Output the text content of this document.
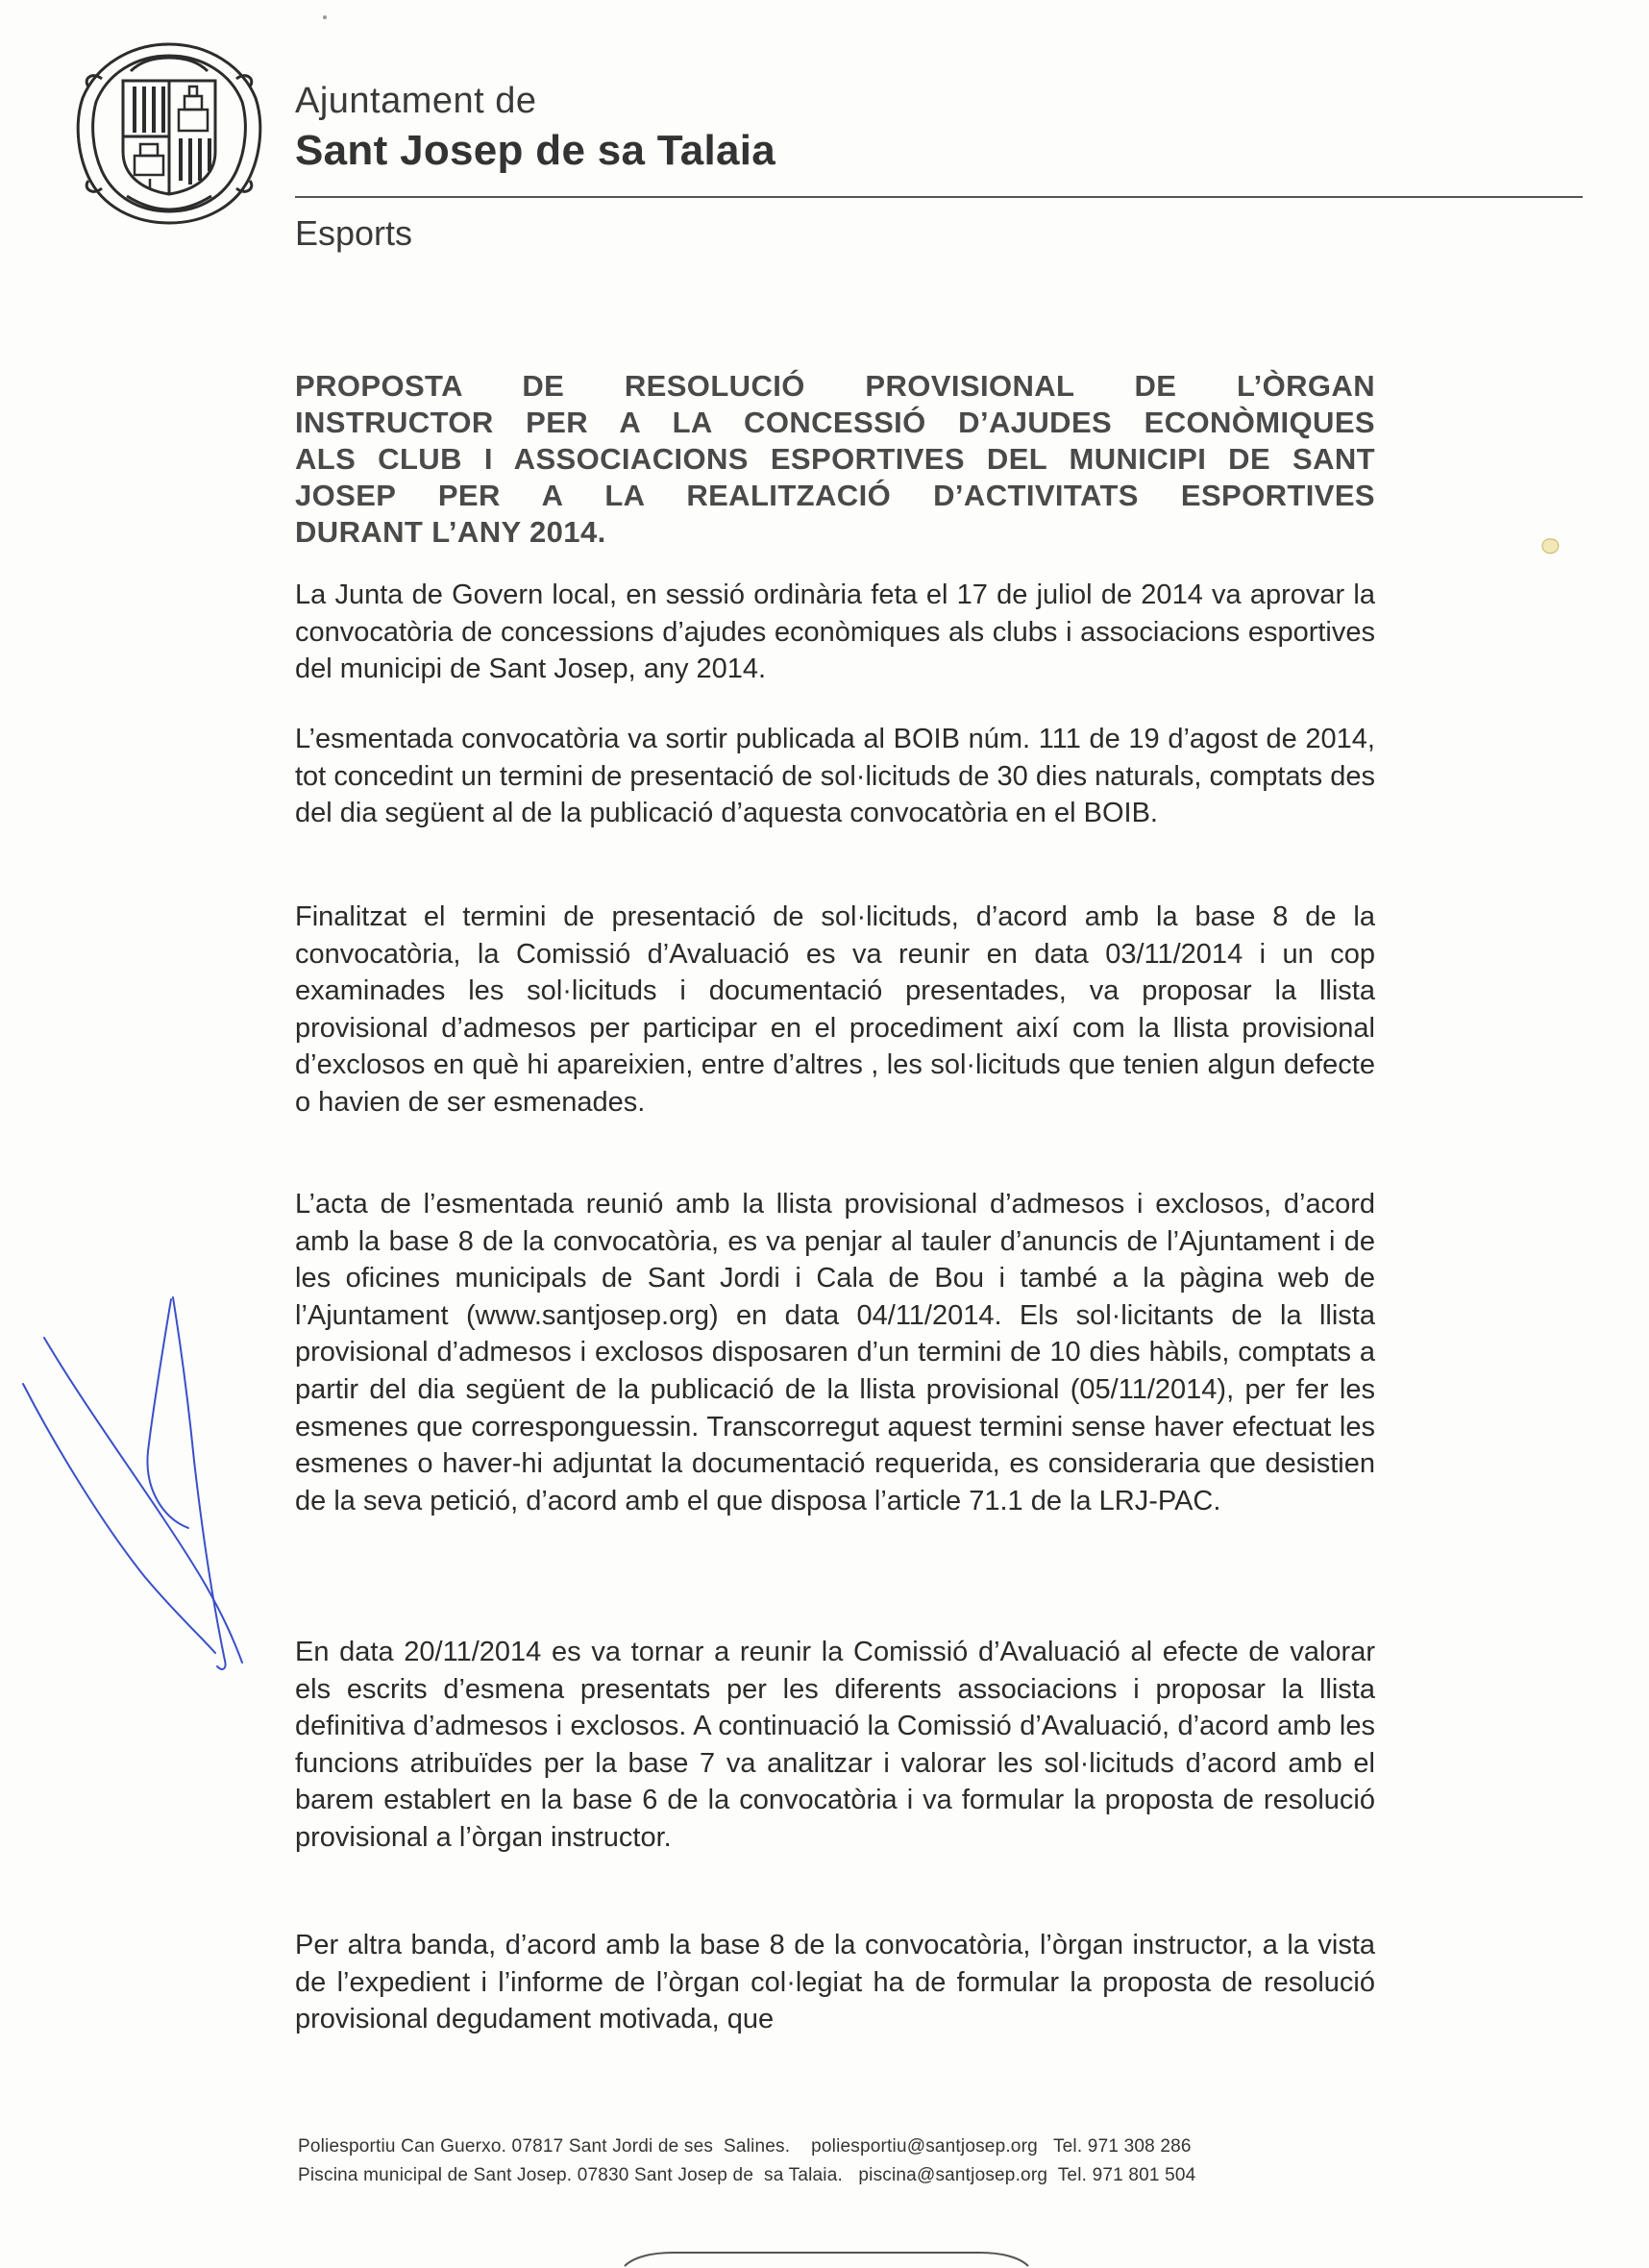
Ajuntament de
Sant Josep de sa Talaia
Esports
PROPOSTA DE RESOLUCIÓ PROVISIONAL DE L’ÒRGAN
INSTRUCTOR PER A LA CONCESSIÓ D’AJUDES ECONÒMIQUES
ALS CLUB I ASSOCIACIONS ESPORTIVES DEL MUNICIPI DE SANT
JOSEP PER A LA REALITZACIÓ D’ACTIVITATS ESPORTIVES
DURANT L’ANY 2014.

La Junta de Govern local, en sessió ordinària feta el 17 de juliol de 2014 va aprovar la convocatòria de concessions d’ajudes econòmiques als clubs i associacions esportives del municipi de Sant Josep, any 2014.

L’esmentada convocatòria va sortir publicada al BOIB núm. 111 de 19 d’agost de 2014, tot concedint un termini de presentació de sol·licituds de 30 dies naturals, comptats des del dia següent al de la publicació d’aquesta convocatòria en el BOIB.

Finalitzat el termini de presentació de sol·licituds, d’acord amb la base 8 de la convocatòria, la Comissió d’Avaluació es va reunir en data 03/11/2014 i un cop examinades les sol·licituds i documentació presentades, va proposar la llista provisional d’admesos per participar en el procediment així com la llista provisional d’exclosos en què hi apareixien, entre d’altres , les sol·licituds que tenien algun defecte o havien de ser esmenades.

L’acta de l’esmentada reunió amb la llista provisional d’admesos i exclosos, d’acord amb la base 8 de la convocatòria, es va penjar al tauler d’anuncis de l’Ajuntament i de les oficines municipals de Sant Jordi i Cala de Bou i també a la pàgina web de l’Ajuntament (www.santjosep.org) en data 04/11/2014. Els sol·licitants de la llista provisional d’admesos i exclosos disposaren d’un termini de 10 dies hàbils, comptats a partir del dia següent de la publicació de la llista provisional (05/11/2014), per fer les esmenes que corresponguessin. Transcorregut aquest termini sense haver efectuat les esmenes o haver-hi adjuntat la documentació requerida, es consideraria que desistien de la seva petició, d’acord amb el que disposa l’article 71.1 de la LRJ-PAC.

En data 20/11/2014 es va tornar a reunir la Comissió d’Avaluació al efecte de valorar els escrits d’esmena presentats per les diferents associacions i proposar la llista definitiva d’admesos i exclosos. A continuació la Comissió d’Avaluació, d’acord amb les funcions atribuïdes per la base 7 va analitzar i valorar les sol·licituds d’acord amb el barem establert en la base 6 de la convocatòria i va formular la proposta de resolució provisional a l’òrgan instructor.

Per altra banda, d’acord amb la base 8 de la convocatòria, l’òrgan instructor, a la vista de l’expedient i l’informe de l’òrgan col·legiat ha de formular la proposta de resolució provisional degudament motivada, que

Poliesportiu Can Guerxo. 07817 Sant Jordi de ses  Salines.    poliesportiu@santjosep.org   Tel. 971 308 286
Piscina municipal de Sant Josep. 07830 Sant Josep de  sa Talaia.   piscina@santjosep.org  Tel. 971 801 504
